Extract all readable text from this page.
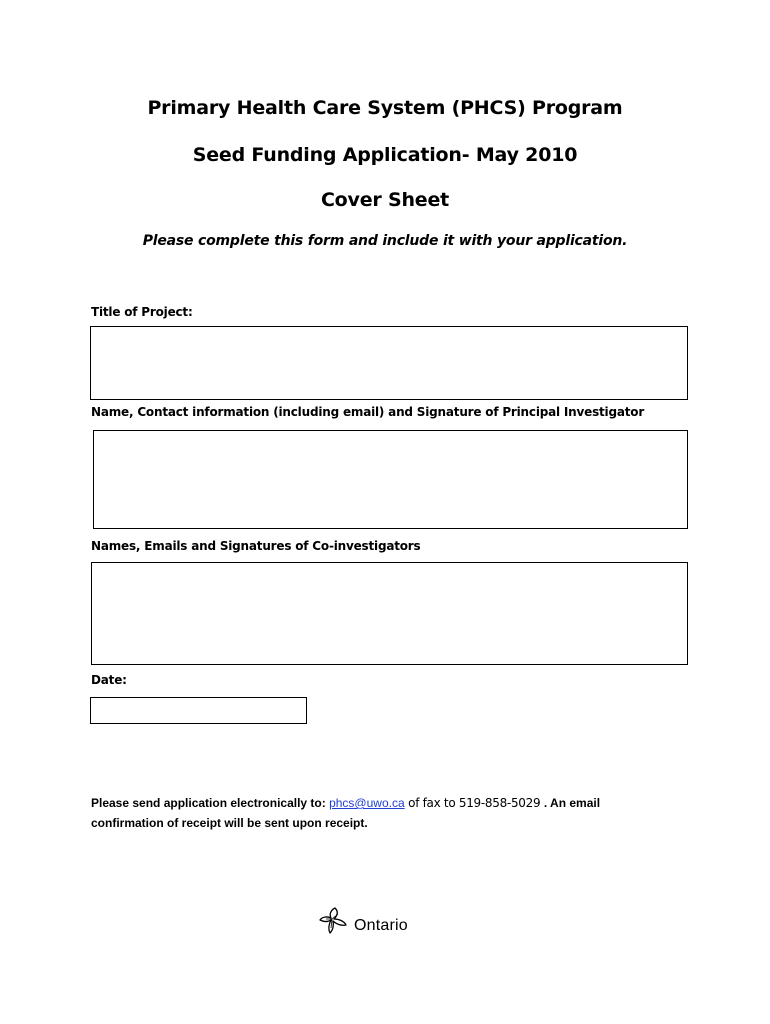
Primary Health Care System (PHCS) Program
Seed Funding Application- May 2010
Cover Sheet
Please complete this form and include it with your application.
Title of Project:
Name, Contact information (including email) and Signature of Principal Investigator
Names, Emails and Signatures of Co-investigators
Date:
Please send application electronically to: phcs@uwo.ca of fax to 519-858-5029 . An email
confirmation of receipt will be sent upon receipt.
Ontario
